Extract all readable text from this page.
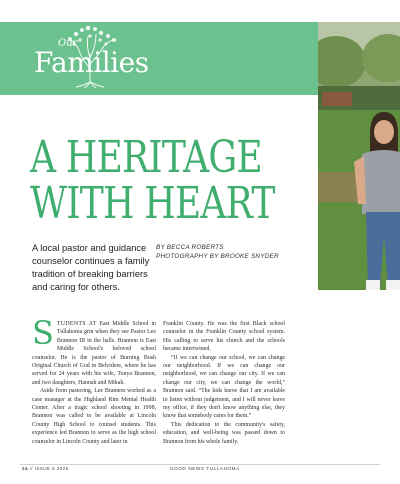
Our
Families
A HERITAGE
WITH HEART
A local pastor and guidance counselor continues a family tradition of breaking barriers and caring for others.
BY BECCA ROBERTS
PHOTOGRAPHY BY BROOKE SNYDER

STUDENTS AT East Middle School in Tullahoma grin when they see Pastor Lee Brannon III in the halls. Brannon is East Middle School's beloved school counselor. He is the pastor of Burning Bush Original Church of God in Belvidere, where he has served for 24 years with his wife, Tonya Brannon, and two daughters, Hannah and Mikah.

Aside from pastoring, Lee Brannon worked as a case manager at the Highland Rim Mental Health Center. After a tragic school shooting in 1998, Brannon was called to be available at Lincoln County High School to counsel students. This experience led Brannon to serve as the high school counselor in Lincoln County and later in

Franklin County. He was the first Black school counselor in the Franklin County school system. His calling to serve his church and the schools became intertwined.

“If we can change our school, we can change our neighborhood. If we can change our neighborhood, we can change our city. If we can change our city, we can change the world,” Brannon said. “The kids know that I am available to listen without judgement, and I will never leave my office, if they don't know anything else, they know that somebody cares for them.”

This dedication to the community's safety, education, and well-being was passed down to Brannon from his whole family.

24 // ISSUE 6 2025	GOOD NEWS TULLAHOMA
